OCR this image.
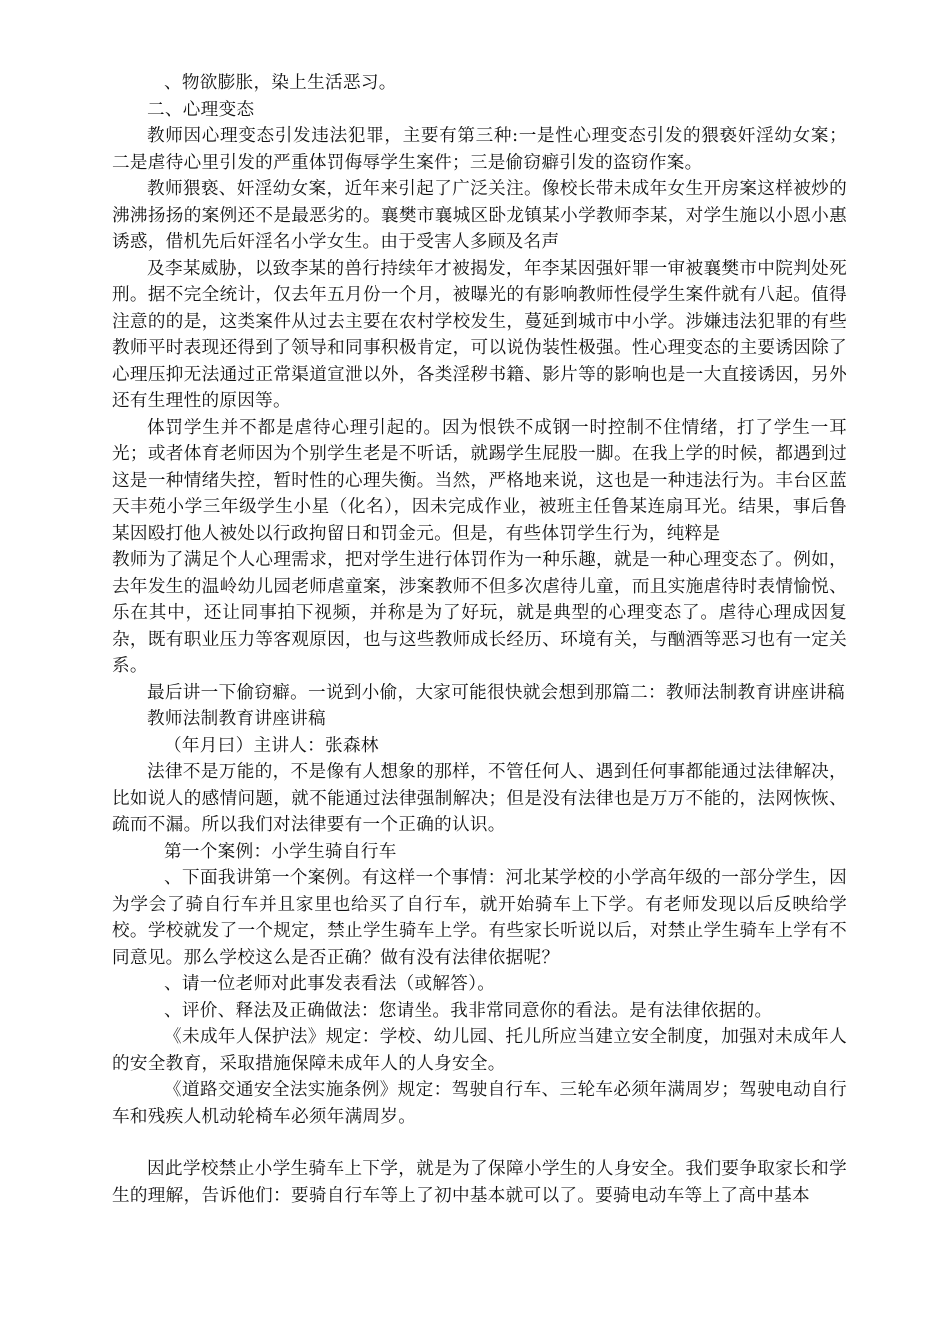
、物欲膨胀，染上生活恶习。

二、心理变态

教师因心理变态引发违法犯罪，主要有第三种:一是性心理变态引发的猥亵奸淫幼女案；二是虐待心里引发的严重体罚侮辱学生案件；三是偷窃癖引发的盗窃作案。

教师猥亵、奸淫幼女案，近年来引起了广泛关注。像校长带未成年女生开房案这样被炒的沸沸扬扬的案例还不是最恶劣的。襄樊市襄城区卧龙镇某小学教师李某，对学生施以小恩小惠诱惑，借机先后奸淫名小学女生。由于受害人多顾及名声

及李某威胁，以致李某的兽行持续年才被揭发，年李某因强奸罪一审被襄樊市中院判处死刑。据不完全统计，仅去年五月份一个月，被曝光的有影响教师性侵学生案件就有八起。值得注意的的是，这类案件从过去主要在农村学校发生，蔓延到城市中小学。涉嫌违法犯罪的有些教师平时表现还得到了领导和同事积极肯定，可以说伪装性极强。性心理变态的主要诱因除了心理压抑无法通过正常渠道宣泄以外，各类淫秽书籍、影片等的影响也是一大直接诱因，另外还有生理性的原因等。

体罚学生并不都是虐待心理引起的。因为恨铁不成钢一时控制不住情绪，打了学生一耳光；或者体育老师因为个别学生老是不听话，就踢学生屁股一脚。在我上学的时候，都遇到过这是一种情绪失控，暂时性的心理失衡。当然，严格地来说，这也是一种违法行为。丰台区蓝天丰苑小学三年级学生小星（化名），因未完成作业，被班主任鲁某连扇耳光。结果，事后鲁某因殴打他人被处以行政拘留日和罚金元。但是，有些体罚学生行为，纯粹是

教师为了满足个人心理需求，把对学生进行体罚作为一种乐趣，就是一种心理变态了。例如，去年发生的温岭幼儿园老师虐童案，涉案教师不但多次虐待儿童，而且实施虐待时表情愉悦、乐在其中，还让同事拍下视频，并称是为了好玩，就是典型的心理变态了。虐待心理成因复杂，既有职业压力等客观原因，也与这些教师成长经历、环境有关，与酗酒等恶习也有一定关系。

最后讲一下偷窃癖。一说到小偷，大家可能很快就会想到那篇二：教师法制教育讲座讲稿

教师法制教育讲座讲稿

（年月曰）主讲人：张森林

法律不是万能的，不是像有人想象的那样，不管任何人、遇到任何事都能通过法律解决，比如说人的感情问题，就不能通过法律强制解决；但是没有法律也是万万不能的，法网恢恢、疏而不漏。所以我们对法律要有一个正确的认识。

第一个案例：小学生骑自行车

、下面我讲第一个案例。有这样一个事情：河北某学校的小学高年级的一部分学生，因为学会了骑自行车并且家里也给买了自行车，就开始骑车上下学。有老师发现以后反映给学校。学校就发了一个规定，禁止学生骑车上学。有些家长听说以后，对禁止学生骑车上学有不同意见。那么学校这么是否正确？做有没有法律依据呢？

、请一位老师对此事发表看法（或解答）。

、评价、释法及正确做法：您请坐。我非常同意你的看法。是有法律依据的。

《未成年人保护法》规定：学校、幼儿园、托儿所应当建立安全制度，加强对未成年人的安全教育，采取措施保障未成年人的人身安全。

《道路交通安全法实施条例》规定：驾驶自行车、三轮车必须年满周岁；驾驶电动自行车和残疾人机动轮椅车必须年满周岁。

因此学校禁止小学生骑车上下学，就是为了保障小学生的人身安全。我们要争取家长和学生的理解，告诉他们：要骑自行车等上了初中基本就可以了。要骑电动车等上了高中基本
